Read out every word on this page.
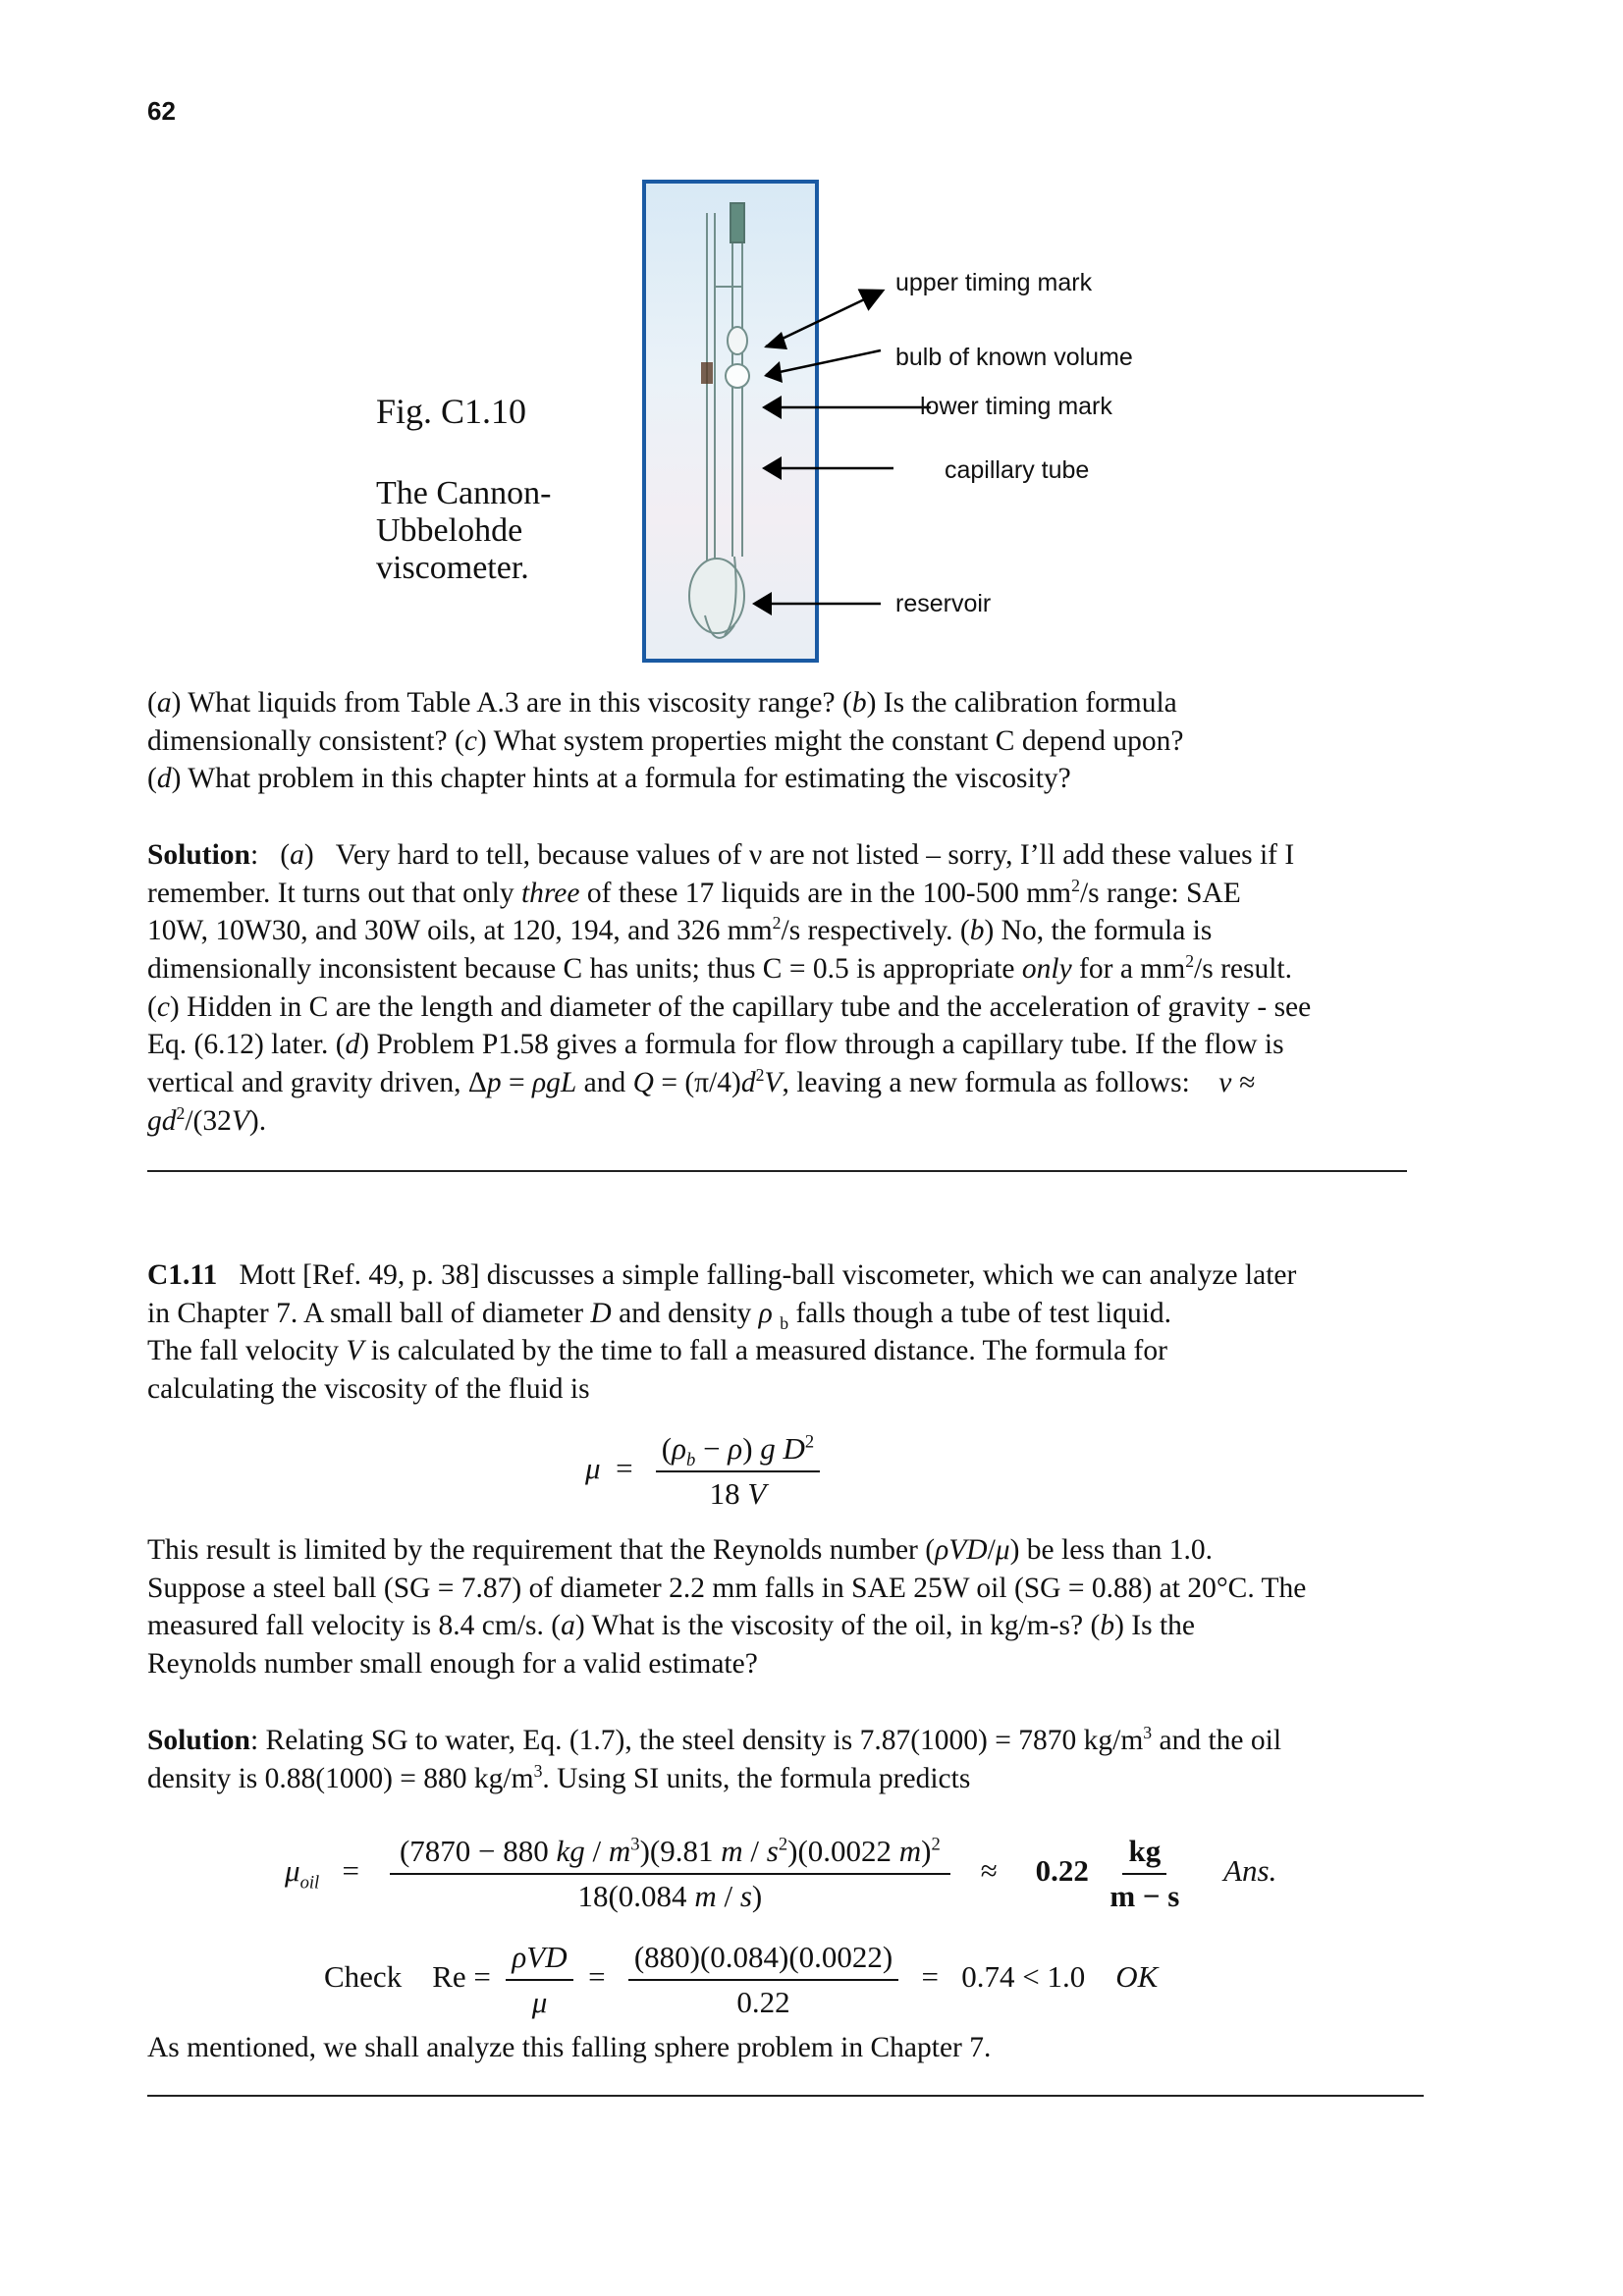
62
Fig. C1.10
The Cannon-
Ubbelohde
viscometer.
upper timing mark
bulb of known volume
lower timing mark
capillary tube
reservoir
(a) What liquids from Table A.3 are in this viscosity range? (b) Is the calibration formula
dimensionally consistent? (c) What system properties might the constant C depend upon?
(d) What problem in this chapter hints at a formula for estimating the viscosity?
Solution:   (a)   Very hard to tell, because values of ν are not listed – sorry, I’ll add these values if I
remember. It turns out that only three of these 17 liquids are in the 100-500 $mm^2/s$ range: SAE
10W, 10W30, and 30W oils, at 120, 194, and 326 $mm^2/s$ respectively. (b) No, the formula is
dimensionally inconsistent because C has units; thus C = 0.5 is appropriate only for a $mm^2/s$ result.
(c) Hidden in C are the length and diameter of the capillary tube and the acceleration of gravity - see
Eq. (6.12) later. (d) Problem P1.58 gives a formula for flow through a capillary tube. If the flow is
vertical and gravity driven, Δp = ρgL and $Q = (\pi/4)d^2V$, leaving a new formula as follows: ν ≈
$gd^2/(32V)$.
C1.11 Mott [Ref. 49, p. 38] discusses a simple falling-ball viscometer, which we can analyze later
in Chapter 7. A small ball of diameter D and density ρ $_b$ falls though a tube of test liquid.
The fall velocity V is calculated by the time to fall a measured distance. The formula for
calculating the viscosity of the fluid is
$\mu = \frac{(\rho_b - \rho) g D^2}{18 V}$
This result is limited by the requirement that the Reynolds number (ρVD/μ) be less than 1.0.
Suppose a steel ball (SG = 7.87) of diameter 2.2 mm falls in SAE 25W oil (SG = 0.88) at 20°C. The
measured fall velocity is 8.4 cm/s. (a) What is the viscosity of the oil, in kg/m-s? (b) Is the
Reynolds number small enough for a valid estimate?
Solution: Relating SG to water, Eq. (1.7), the steel density is 7.87(1000) = 7870 $kg/m^3$ and the oil
density is 0.88(1000) = 880 $kg/m^3$. Using SI units, the formula predicts
$\mu_{oil} = \frac{(7870 - 880 kg / m^3)(9.81 m / s^2)(0.0022 m)^2}{18(0.084 m / s)} \approx 0.22 \frac{kg}{m - s}$ Ans.
Check $Re = \frac{\text{ρVD}}{\mu} = \frac{(880)(0.084)(0.0022)}{0.22} = 0.74 < 1.0$ OK
As mentioned, we shall analyze this falling sphere problem in Chapter 7.
